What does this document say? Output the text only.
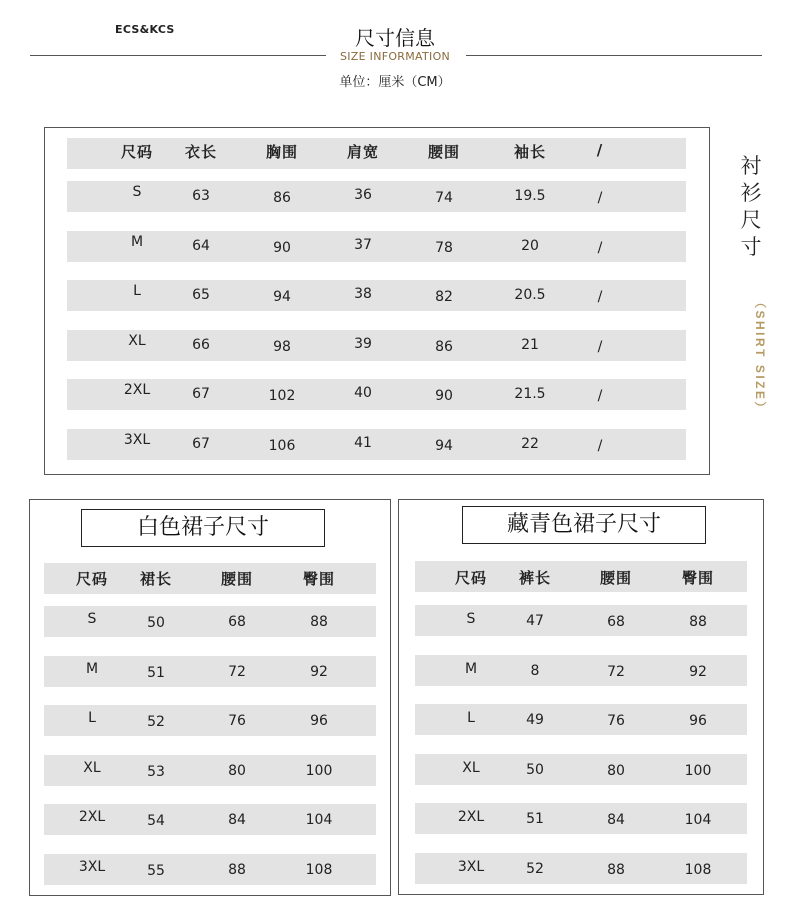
ECS&KCS	尺寸信息
SIZE INFORMATION
单位：厘米（CM）
尺码	衣长	胸围	肩宽	腰围	袖长	/
S	63	86	36	74	19.5	/
M	64	90	37	78	20	/
L	65	94	38	82	20.5	/
XL	66	98	39	86	21	/
2XL	67	102	40	90	21.5	/
3XL	67	106	41	94	22	/
衬衫尺寸
（SHIRT SIZE）
白色裙子尺寸
尺码	裙长	腰围	臀围
S	50	68	88
M	51	72	92
L	52	76	96
XL	53	80	100
2XL	54	84	104
3XL	55	88	108
藏青色裙子尺寸
尺码	裤长	腰围	臀围
S	47	68	88
M	8	72	92
L	49	76	96
XL	50	80	100
2XL	51	84	104
3XL	52	88	108
